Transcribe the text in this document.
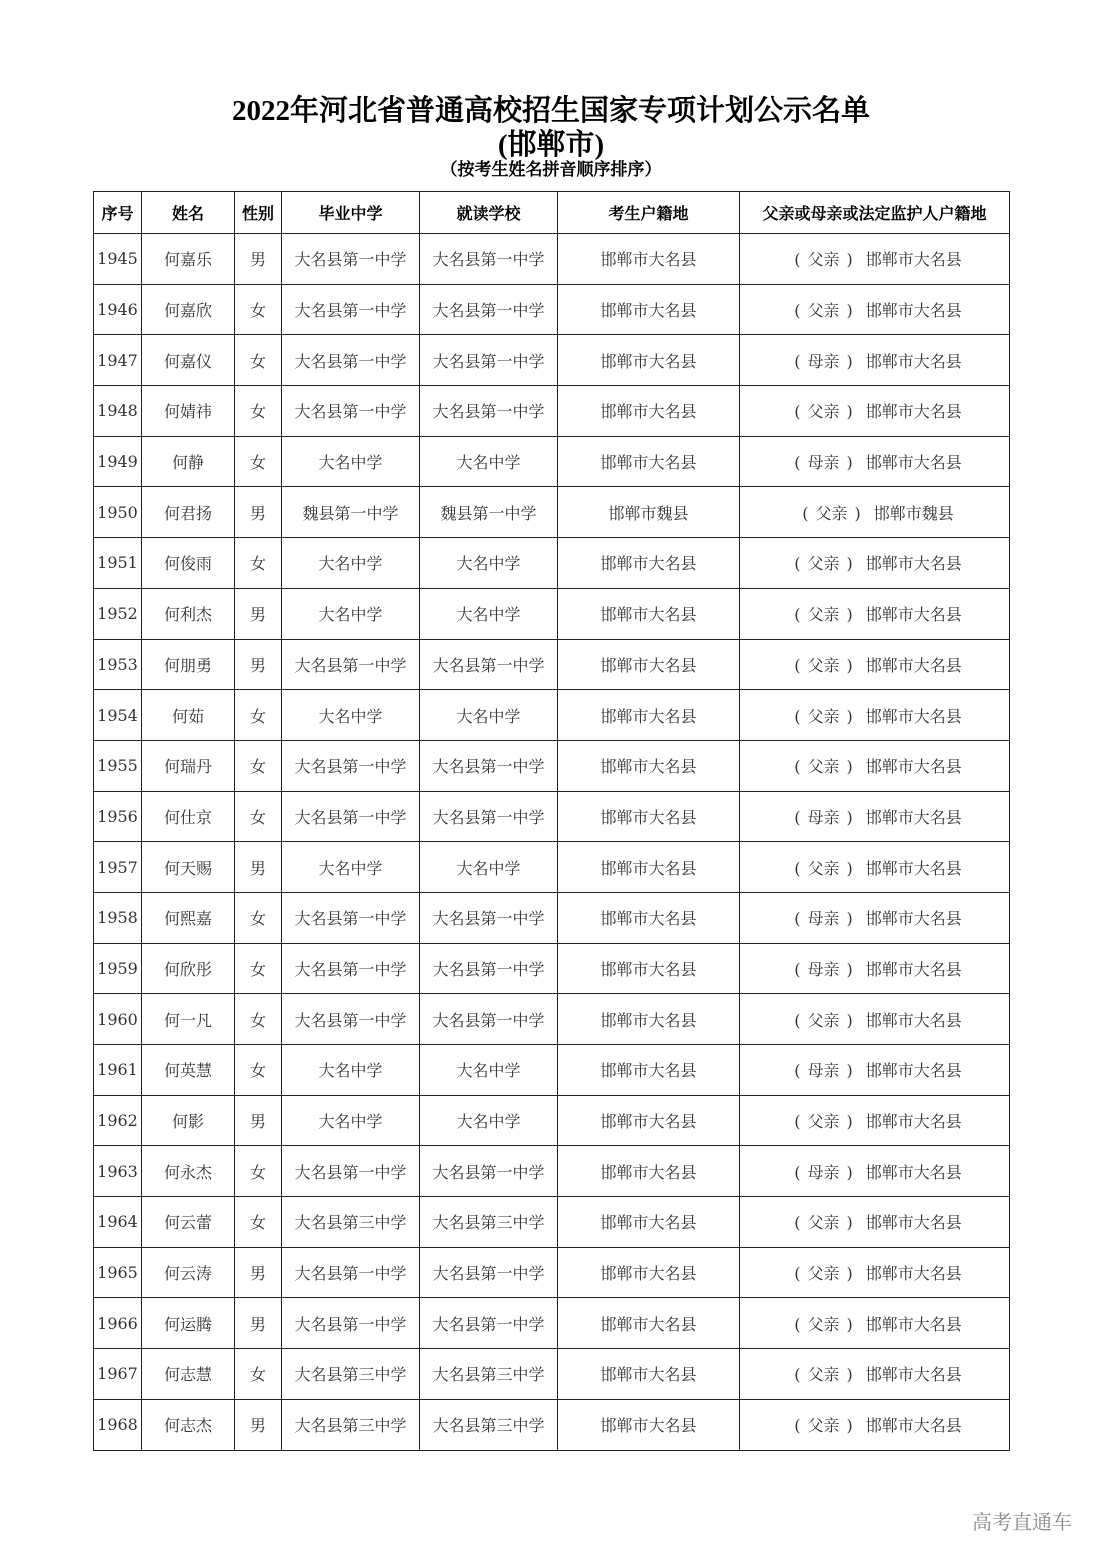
2022年河北省普通高校招生国家专项计划公示名单
(邯郸市)
（按考生姓名拼音顺序排序）
序号	姓名	性别	毕业中学	就读学校	考生户籍地	父亲或母亲或法定监护人户籍地
1945	何嘉乐	男	大名县第一中学	大名县第一中学	邯郸市大名县	( 父亲 ) 邯郸市大名县
1946	何嘉欣	女	大名县第一中学	大名县第一中学	邯郸市大名县	( 父亲 ) 邯郸市大名县
1947	何嘉仪	女	大名县第一中学	大名县第一中学	邯郸市大名县	( 母亲 ) 邯郸市大名县
1948	何婧祎	女	大名县第一中学	大名县第一中学	邯郸市大名县	( 父亲 ) 邯郸市大名县
1949	何静	女	大名中学	大名中学	邯郸市大名县	( 母亲 ) 邯郸市大名县
1950	何君扬	男	魏县第一中学	魏县第一中学	邯郸市魏县	( 父亲 ) 邯郸市魏县
1951	何俊雨	女	大名中学	大名中学	邯郸市大名县	( 父亲 ) 邯郸市大名县
1952	何利杰	男	大名中学	大名中学	邯郸市大名县	( 父亲 ) 邯郸市大名县
1953	何朋勇	男	大名县第一中学	大名县第一中学	邯郸市大名县	( 父亲 ) 邯郸市大名县
1954	何茹	女	大名中学	大名中学	邯郸市大名县	( 父亲 ) 邯郸市大名县
1955	何瑞丹	女	大名县第一中学	大名县第一中学	邯郸市大名县	( 父亲 ) 邯郸市大名县
1956	何仕京	女	大名县第一中学	大名县第一中学	邯郸市大名县	( 母亲 ) 邯郸市大名县
1957	何天赐	男	大名中学	大名中学	邯郸市大名县	( 父亲 ) 邯郸市大名县
1958	何熙嘉	女	大名县第一中学	大名县第一中学	邯郸市大名县	( 母亲 ) 邯郸市大名县
1959	何欣彤	女	大名县第一中学	大名县第一中学	邯郸市大名县	( 母亲 ) 邯郸市大名县
1960	何一凡	女	大名县第一中学	大名县第一中学	邯郸市大名县	( 父亲 ) 邯郸市大名县
1961	何英慧	女	大名中学	大名中学	邯郸市大名县	( 母亲 ) 邯郸市大名县
1962	何影	男	大名中学	大名中学	邯郸市大名县	( 父亲 ) 邯郸市大名县
1963	何永杰	女	大名县第一中学	大名县第一中学	邯郸市大名县	( 母亲 ) 邯郸市大名县
1964	何云蕾	女	大名县第三中学	大名县第三中学	邯郸市大名县	( 父亲 ) 邯郸市大名县
1965	何云涛	男	大名县第一中学	大名县第一中学	邯郸市大名县	( 父亲 ) 邯郸市大名县
1966	何运腾	男	大名县第一中学	大名县第一中学	邯郸市大名县	( 父亲 ) 邯郸市大名县
1967	何志慧	女	大名县第三中学	大名县第三中学	邯郸市大名县	( 父亲 ) 邯郸市大名县
1968	何志杰	男	大名县第三中学	大名县第三中学	邯郸市大名县	( 父亲 ) 邯郸市大名县
高考直通车
